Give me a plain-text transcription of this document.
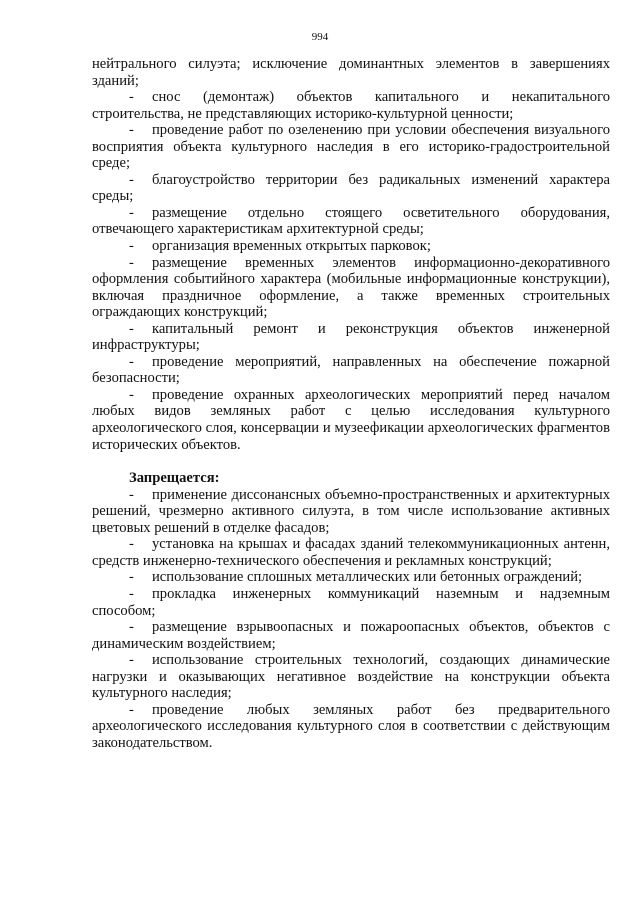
994

нейтрального силуэта; исключение доминантных элементов в завершениях зданий;

- снос (демонтаж) объектов капитального и некапитального строительства, не представляющих историко-культурной ценности;

- проведение работ по озеленению при условии обеспечения визуального восприятия объекта культурного наследия в его историко-градостроительной среде;

- благоустройство территории без радикальных изменений характера среды;

- размещение отдельно стоящего осветительного оборудования, отвечающего характеристикам архитектурной среды;

- организация временных открытых парковок;

- размещение временных элементов информационно-декоративного оформления событийного характера (мобильные информационные конструкции), включая праздничное оформление, а также временных строительных ограждающих конструкций;

- капитальный ремонт и реконструкция объектов инженерной инфраструктуры;

- проведение мероприятий, направленных на обеспечение пожарной безопасности;

- проведение охранных археологических мероприятий перед началом любых видов земляных работ с целью исследования культурного археологического слоя, консервации и музеефикации археологических фрагментов исторических объектов.

Запрещается:

- применение диссонансных объемно-пространственных и архитектурных решений, чрезмерно активного силуэта, в том числе использование активных цветовых решений в отделке фасадов;

- установка на крышах и фасадах зданий телекоммуникационных антенн, средств инженерно-технического обеспечения и рекламных конструкций;

- использование сплошных металлических или бетонных ограждений;

- прокладка инженерных коммуникаций наземным и надземным способом;

- размещение взрывоопасных и пожароопасных объектов, объектов с динамическим воздействием;

- использование строительных технологий, создающих динамические нагрузки и оказывающих негативное воздействие на конструкции объекта культурного наследия;

- проведение любых земляных работ без предварительного археологического исследования культурного слоя в соответствии с действующим законодательством.
